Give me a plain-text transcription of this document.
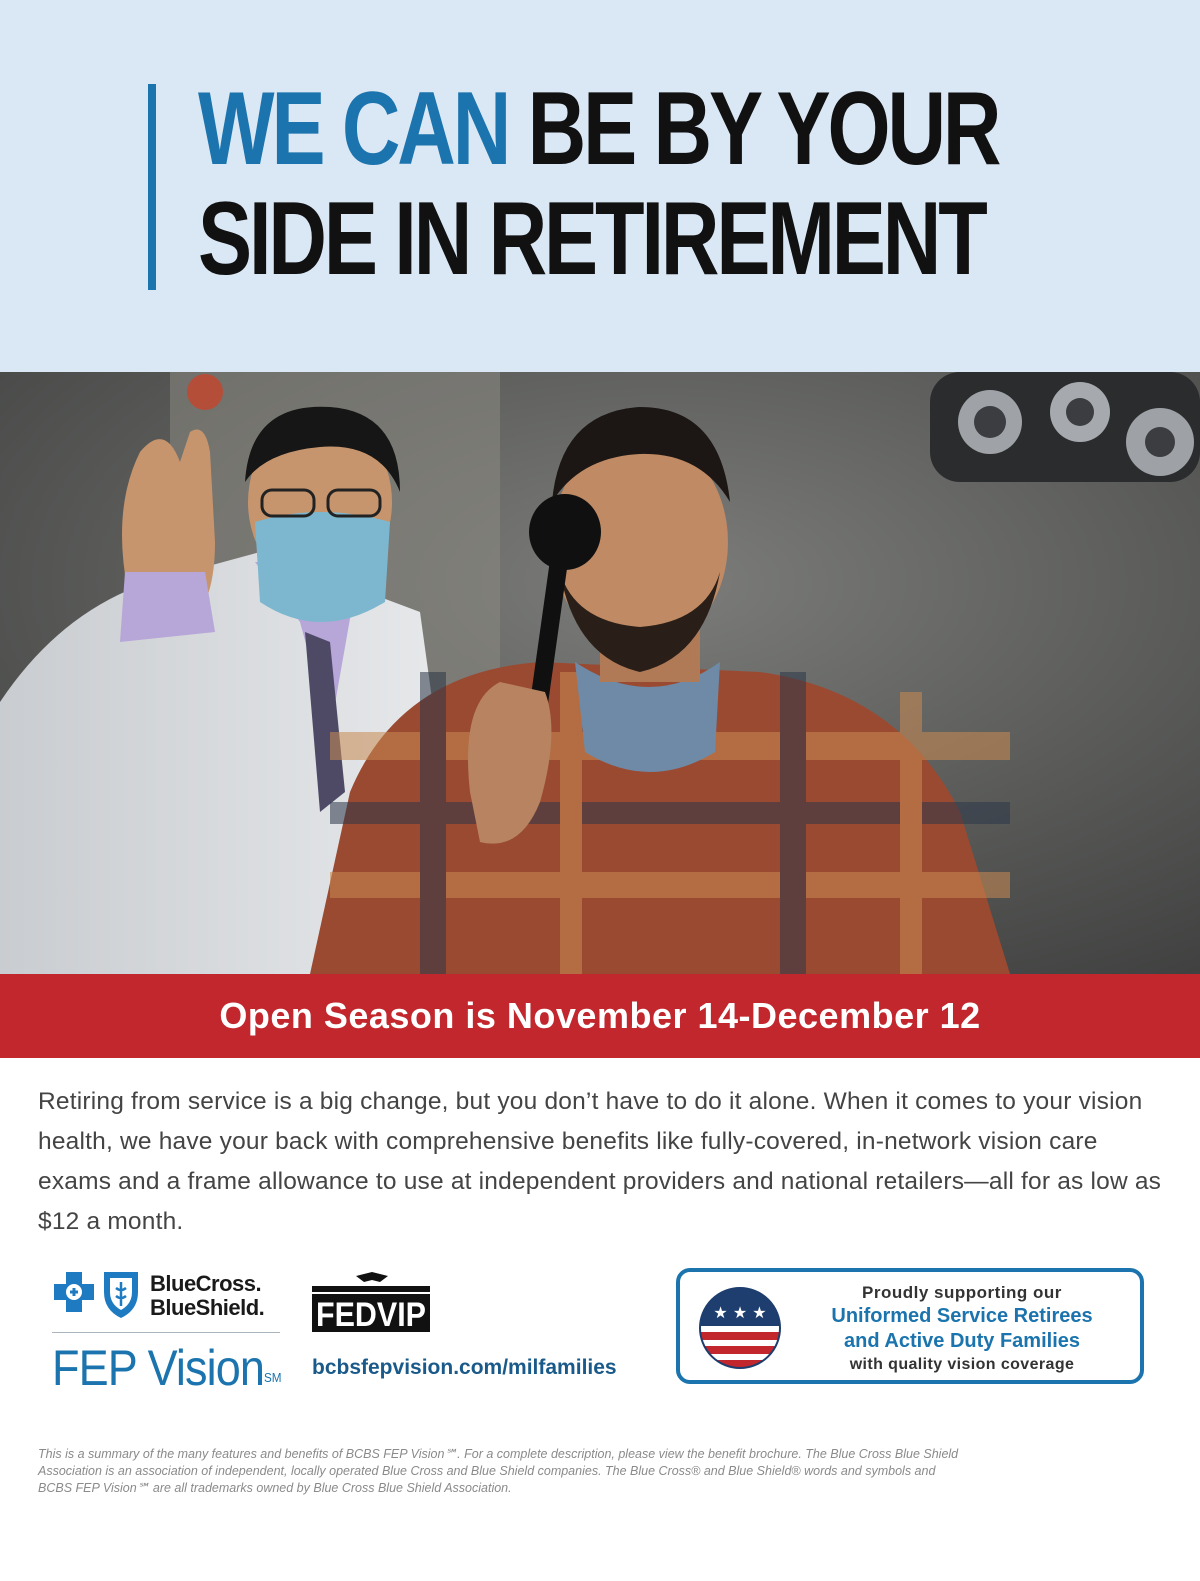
WE CAN BE BY YOUR
SIDE IN RETIREMENT
Open Season is November 14-December 12

Retiring from service is a big change, but you don’t have to do it alone. When it comes to your vision health, we have your back with comprehensive benefits like fully-covered, in-network vision care exams and a frame allowance to use at independent providers and national retailers—all for as low as $12 a month.

BlueCross.
BlueShield.
FEP Vision℠
FEDVIP
bcbsfepvision.com/milfamilies
★ ★ ★
Proudly supporting our
Uniformed Service Retirees
and Active Duty Families
with quality vision coverage

This is a summary of the many features and benefits of BCBS FEP Vision℠. For a complete description, please view the benefit brochure. The Blue Cross Blue Shield

Association is an association of independent, locally operated Blue Cross and Blue Shield companies. The Blue Cross® and Blue Shield® words and symbols and

BCBS FEP Vision℠ are all trademarks owned by Blue Cross Blue Shield Association.
